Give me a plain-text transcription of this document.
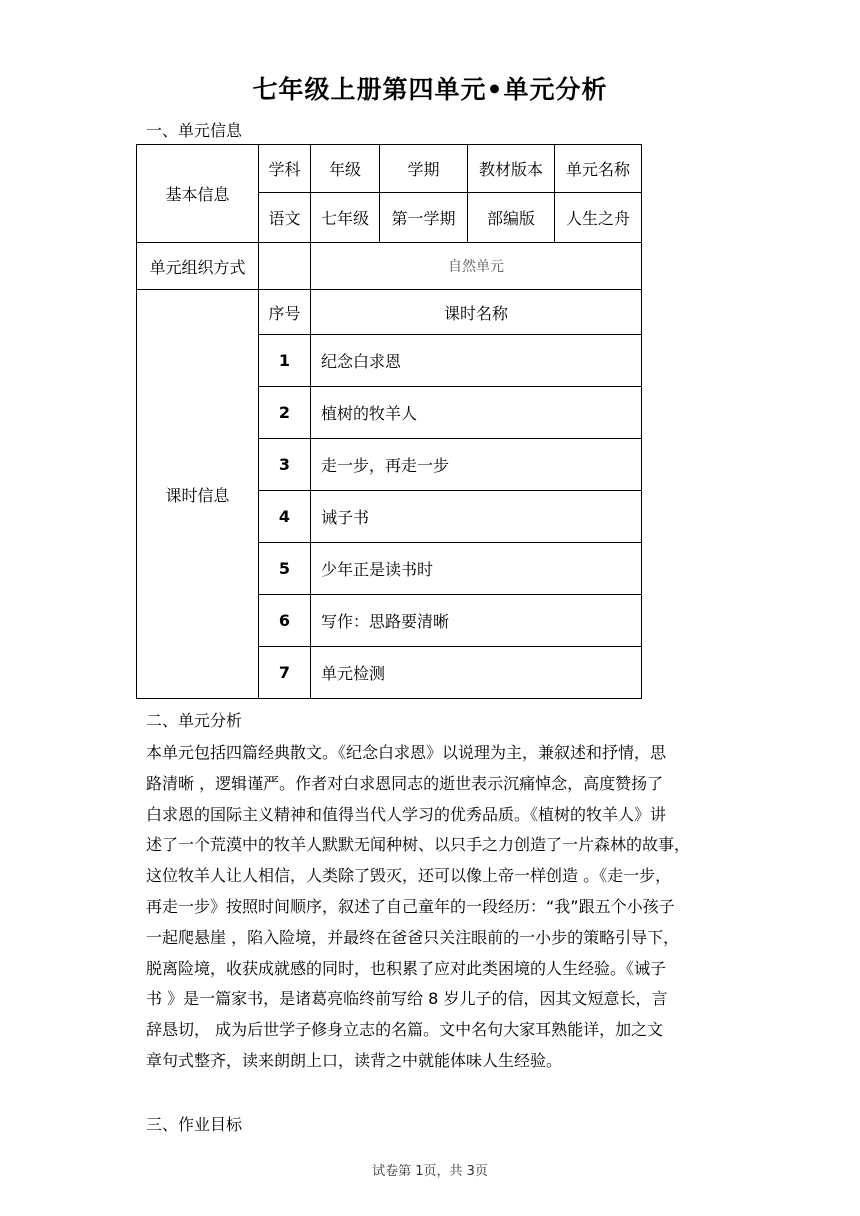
七年级上册第四单元•单元分析
一、单元信息
基本信息	学科	年级	学期	教材版本	单元名称
	语文	七年级	第一学期	部编版	人生之舟
单元组织方式		自然单元			
课时信息	序号	课时名称			
	1	纪念白求恩			
	2	植树的牧羊人			
	3	走一步，再走一步			
	4	诫子书			
	5	少年正是读书时			
	6	写作：思路要清晰			
	7	单元检测			
二、单元分析
本单元包括四篇经典散文。《纪念白求恩》以说理为主，兼叙述和抒情，思
路清晰 ，逻辑谨严。作者对白求恩同志的逝世表示沉痛悼念，高度赞扬了
白求恩的国际主义精神和值得当代人学习的优秀品质。《植树的牧羊人》讲
述了一个荒漠中的牧羊人默默无闻种树、以只手之力创造了一片森林的故事，
这位牧羊人让人相信，人类除了毁灭，还可以像上帝一样创造 。《走一步，
再走一步》按照时间顺序，叙述了自己童年的一段经历：“我”跟五个小孩子
一起爬悬崖 ，陷入险境，并最终在爸爸只关注眼前的一小步的策略引导下，
脱离险境，收获成就感的同时，也积累了应对此类困境的人生经验。《诫子
书 》是一篇家书，是诸葛亮临终前写给 8 岁儿子的信，因其文短意长，言
辞恳切， 成为后世学子修身立志的名篇。文中名句大家耳熟能详，加之文
章句式整齐，读来朗朗上口，读背之中就能体味人生经验。
三、作业目标
试卷第 1页，共 3页
